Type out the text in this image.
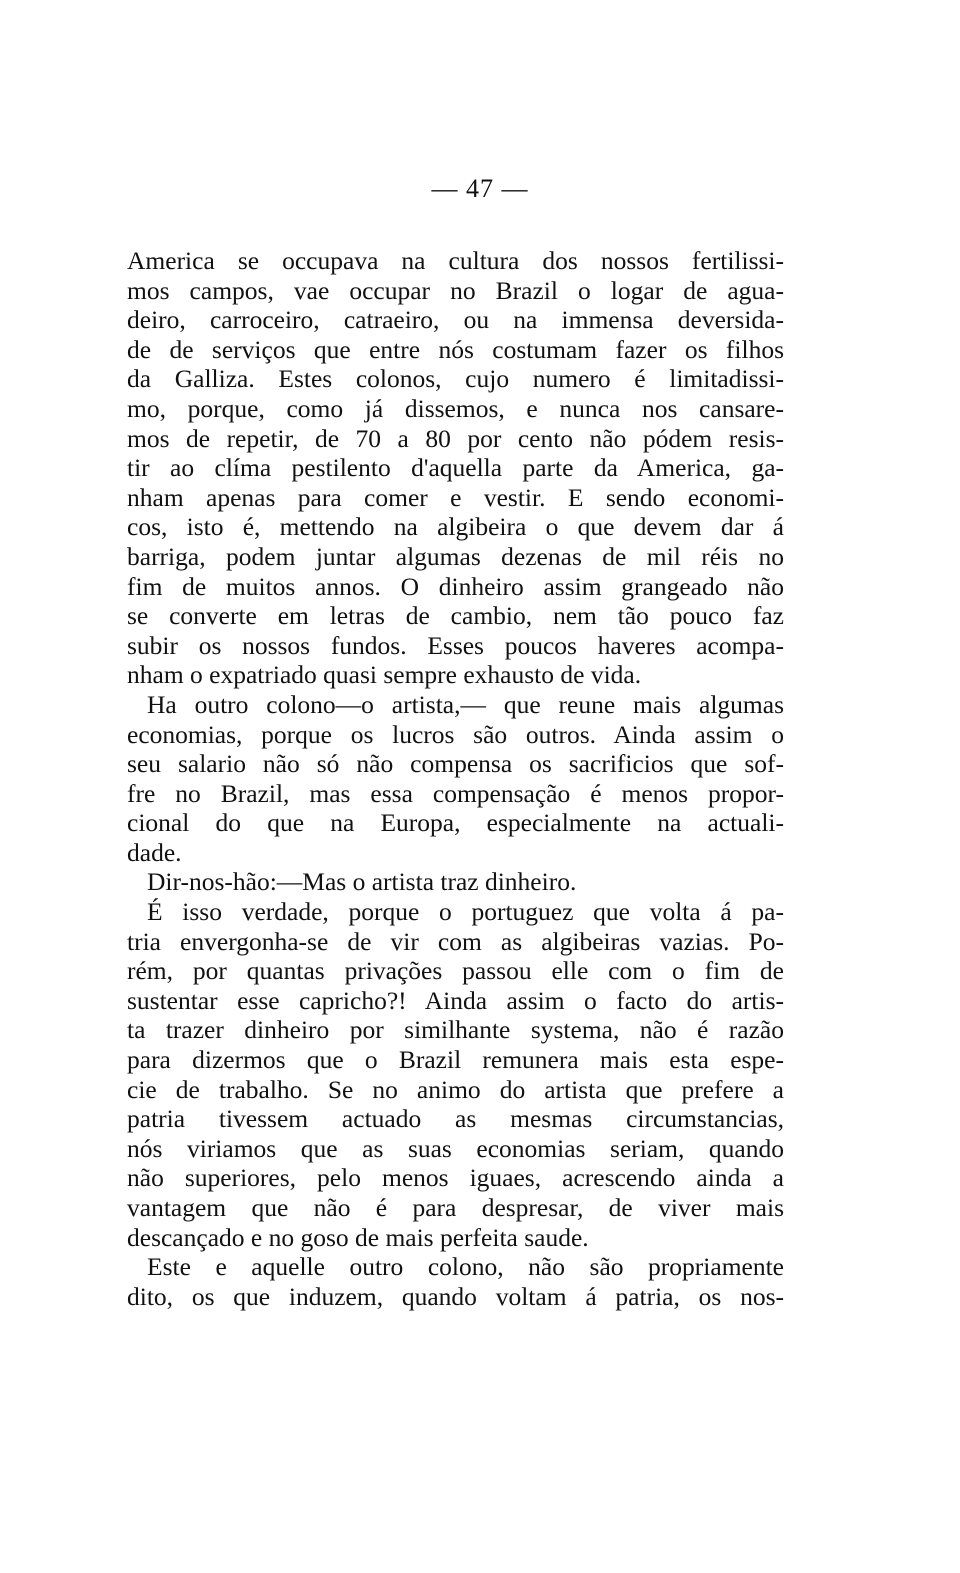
— 47 —
America se occupava na cultura dos nossos fertilissi-
mos campos, vae occupar no Brazil o logar de agua-
deiro, carroceiro, catraeiro, ou na immensa deversida-
de de serviços que entre nós costumam fazer os filhos
da Galliza. Estes colonos, cujo numero é limitadissi-
mo, porque, como já dissemos, e nunca nos cansare-
mos de repetir, de 70 a 80 por cento não pódem resis-
tir ao clíma pestilento d'aquella parte da America, ga-
nham apenas para comer e vestir. E sendo economi-
cos, isto é, mettendo na algibeira o que devem dar á
barriga, podem juntar algumas dezenas de mil réis no
fim de muitos annos. O dinheiro assim grangeado não
se converte em letras de cambio, nem tão pouco faz
subir os nossos fundos. Esses poucos haveres acompa-
nham o expatriado quasi sempre exhausto de vida.
Ha outro colono—o artista,— que reune mais algumas
economias, porque os lucros são outros. Ainda assim o
seu salario não só não compensa os sacrificios que sof-
fre no Brazil, mas essa compensação é menos propor-
cional do que na Europa, especialmente na actuali-
dade.
Dir-nos-hão:—Mas o artista traz dinheiro.
É isso verdade, porque o portuguez que volta á pa-
tria envergonha-se de vir com as algibeiras vazias. Po-
rém, por quantas privações passou elle com o fim de
sustentar esse capricho?! Ainda assim o facto do artis-
ta trazer dinheiro por similhante systema, não é razão
para dizermos que o Brazil remunera mais esta espe-
cie de trabalho. Se no animo do artista que prefere a
patria tivessem actuado as mesmas circumstancias,
nós viriamos que as suas economias seriam, quando
não superiores, pelo menos iguaes, acrescendo ainda a
vantagem que não é para despresar, de viver mais
descançado e no goso de mais perfeita saude.
Este e aquelle outro colono, não são propriamente
dito, os que induzem, quando voltam á patria, os nos-
